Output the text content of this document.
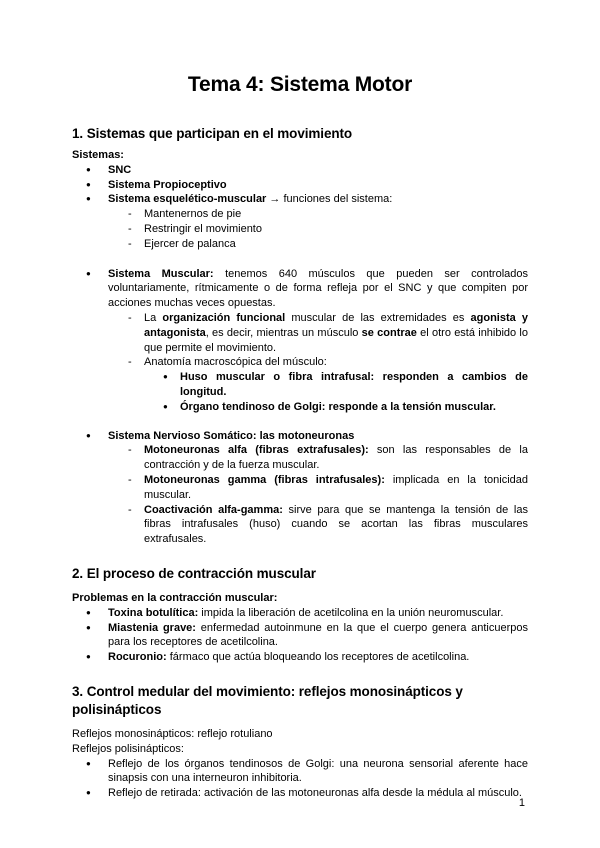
Tema 4: Sistema Motor
1. Sistemas que participan en el movimiento

Sistemas:

● SNC
● Sistema Propioceptivo
● Sistema esquelético-muscular → funciones del sistema:
- Mantenernos de pie
- Restringir el movimiento
- Ejercer de palanca
● Sistema Muscular: tenemos 640 músculos que pueden ser controlados voluntariamente, rítmicamente o de forma refleja por el SNC y que compiten por acciones muchas veces opuestas.
- La organización funcional muscular de las extremidades es agonista y antagonista, es decir, mientras un músculo se contrae el otro está inhibido lo que permite el movimiento.
- Anatomía macroscópica del músculo:
● Huso muscular o fibra intrafusal: responden a cambios de longitud.
● Órgano tendinoso de Golgi: responde a la tensión muscular.
● Sistema Nervioso Somático: las motoneuronas
- Motoneuronas alfa (fibras extrafusales): son las responsables de la contracción y de la fuerza muscular.
- Motoneuronas gamma (fibras intrafusales): implicada en la tonicidad muscular.
- Coactivación alfa-gamma: sirve para que se mantenga la tensión de las fibras intrafusales (huso) cuando se acortan las fibras musculares extrafusales.
2. El proceso de contracción muscular

Problemas en la contracción muscular:

● Toxina botulítica: impida la liberación de acetilcolina en la unión neuromuscular.
● Miastenia grave: enfermedad autoinmune en la que el cuerpo genera anticuerpos para los receptores de acetilcolina.
● Rocuronio: fármaco que actúa bloqueando los receptores de acetilcolina.
3. Control medular del movimiento: reflejos monosinápticos y polisinápticos

Reflejos monosinápticos: reflejo rotuliano

Reflejos polisinápticos:

● Reflejo de los órganos tendinosos de Golgi: una neurona sensorial aferente hace sinapsis con una interneuron inhibitoria.
● Reflejo de retirada: activación de las motoneuronas alfa desde la médula al músculo.
1
